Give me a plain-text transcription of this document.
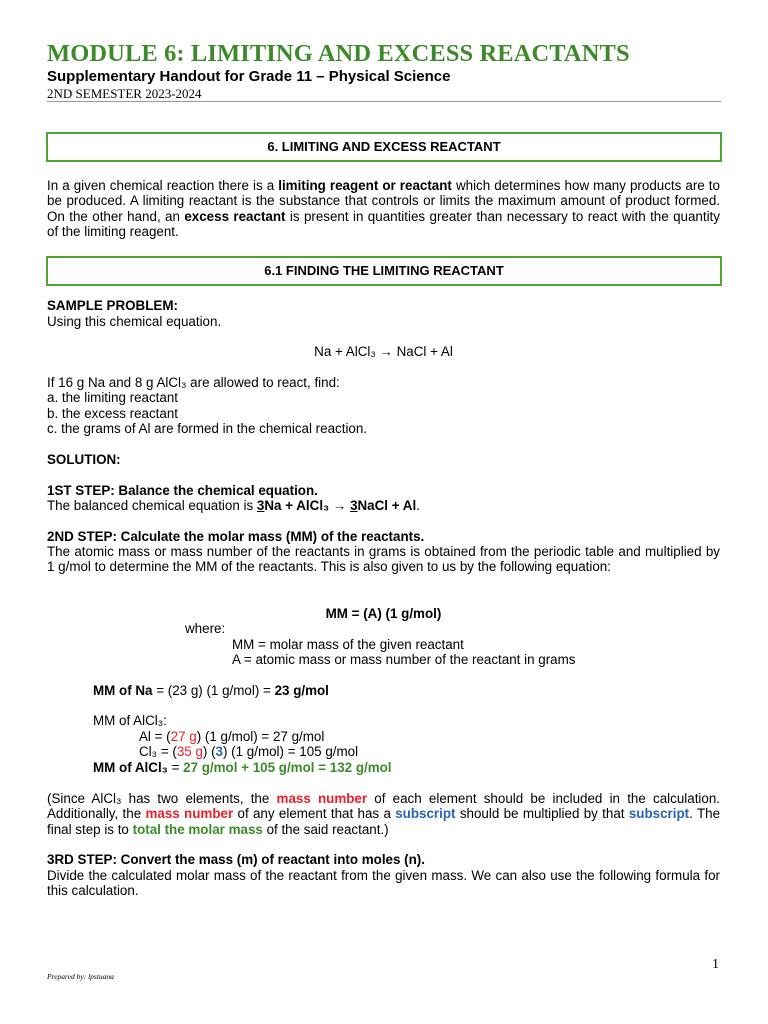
MODULE 6: LIMITING AND EXCESS REACTANTS
Supplementary Handout for Grade 11 – Physical Science
2ND SEMESTER 2023-2024
6. LIMITING AND EXCESS REACTANT
In a given chemical reaction there is a limiting reagent or reactant which determines how many products are to be produced. A limiting reactant is the substance that controls or limits the maximum amount of product formed. On the other hand, an excess reactant is present in quantities greater than necessary to react with the quantity of the limiting reagent.
6.1 FINDING THE LIMITING REACTANT
SAMPLE PROBLEM:
Using this chemical equation.
Na + AlCl₃ → NaCl + Al
If 16 g Na and 8 g AlCl₃ are allowed to react, find:
a. the limiting reactant
b. the excess reactant
c. the grams of Al are formed in the chemical reaction.
SOLUTION:
1ST STEP: Balance the chemical equation.
The balanced chemical equation is 3Na + AlCl₃ → 3NaCl + Al.
2ND STEP: Calculate the molar mass (MM) of the reactants.
The atomic mass or mass number of the reactants in grams is obtained from the periodic table and multiplied by 1 g/mol to determine the MM of the reactants. This is also given to us by the following equation:
MM = (A) (1 g/mol)
where:
MM = molar mass of the given reactant
A = atomic mass or mass number of the reactant in grams
MM of Na = (23 g) (1 g/mol) = 23 g/mol
MM of AlCl₃:
Al = (27 g) (1 g/mol) = 27 g/mol
Cl₃ = (35 g) (3) (1 g/mol) = 105 g/mol
MM of AlCl₃ = 27 g/mol + 105 g/mol = 132 g/mol
(Since AlCl₃ has two elements, the mass number of each element should be included in the calculation. Additionally, the mass number of any element that has a subscript should be multiplied by that subscript. The final step is to total the molar mass of the said reactant.)
3RD STEP: Convert the mass (m) of reactant into moles (n).
Divide the calculated molar mass of the reactant from the given mass. We can also use the following formula for this calculation.
Prepared by: lpstuana
1
